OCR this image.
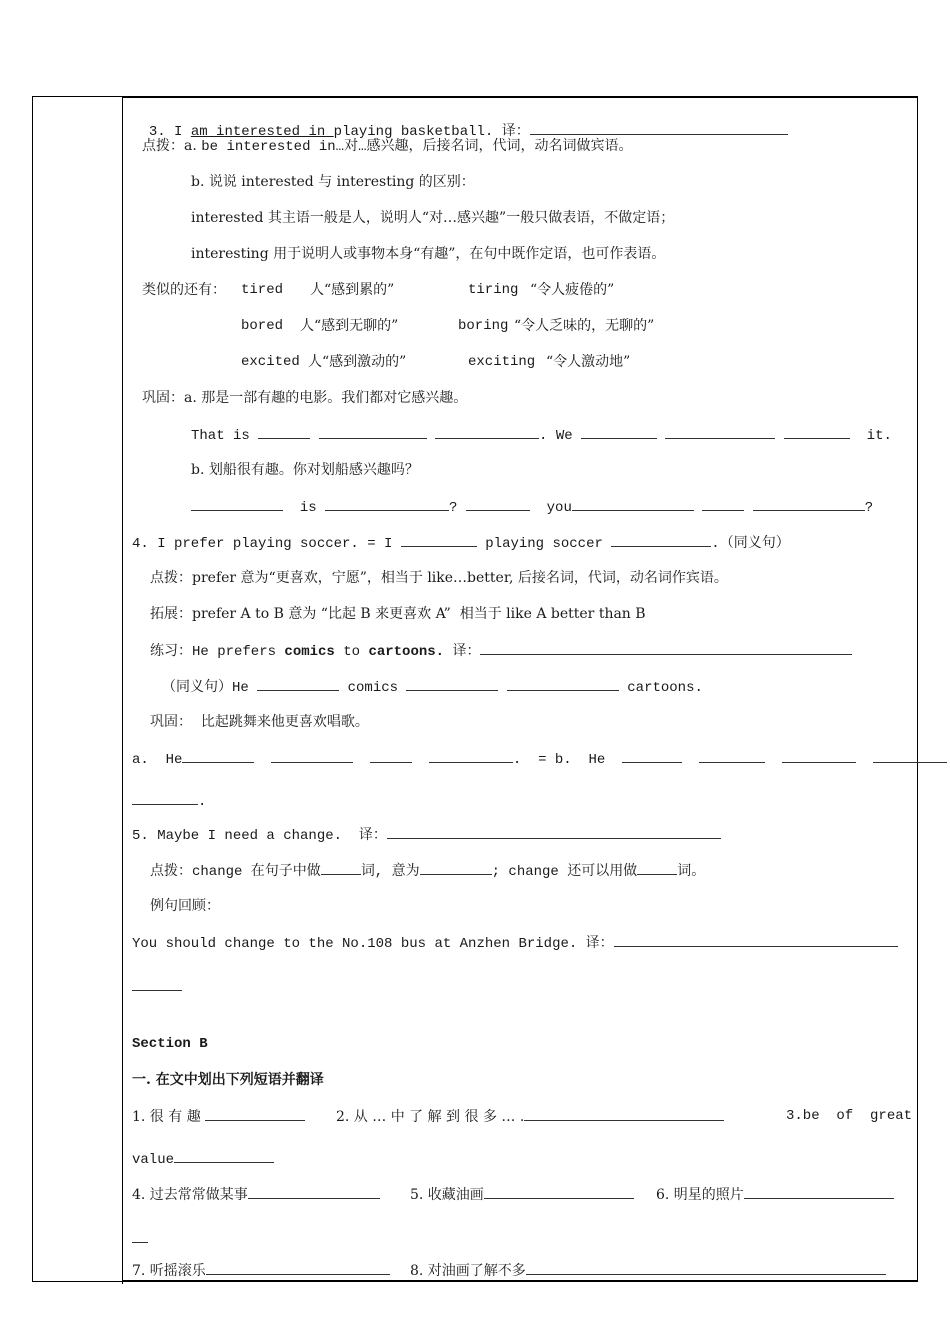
3. I am interested in playing basketball. 译：

点拨：a. be interested in…对…感兴趣，后接名词，代词，动名词做宾语。
b. 说说 interested 与 interesting 的区别：
interested 其主语一般是人，说明人“对…感兴趣”一般只做表语，不做定语；
interesting 用于说明人或事物本身“有趣”，在句中既作定语，也可作表语。
类似的还有： tired 人“感到累的”	tiring “令人疲倦的”
bored 人“感到无聊的”	boring “令人乏味的，无聊的”
excited 人“感到激动的”	exciting “令人激动地”
巩固：a. 那是一部有趣的电影。我们都对它感兴趣。
That is	. We	it.
b. 划船很有趣。你对划船感兴趣吗？
is	?	you	?
4. I prefer playing soccer. = I	playing soccer	.（同义句）
点拨：prefer 意为“更喜欢，宁愿”，相当于 like…better, 后接名词，代词，动名词作宾语。
拓展：prefer A to B 意为 “比起 B 来更喜欢 A”  相当于 like A better than B
练习：He prefers comics to cartoons. 译：
（同义句）He	comics	cartoons.
巩固：  比起跳舞来他更喜欢唱歌。
a.  He	.  = b.  He
.
5. Maybe I need a change.  译：
点拨：change 在句子中做	词, 意为	; change 还可以用做	词。
例句回顾：
You should change to the No.108 bus at Anzhen Bridge. 译：
Section B
一. 在文中划出下列短语并翻译
1. 很 有 趣	2. 从 … 中 了 解 到 很 多 … .	3.be  of  great
value
4. 过去常常做某事	5. 收藏油画	6. 明星的照片
7. 听摇滚乐	8. 对油画了解不多
